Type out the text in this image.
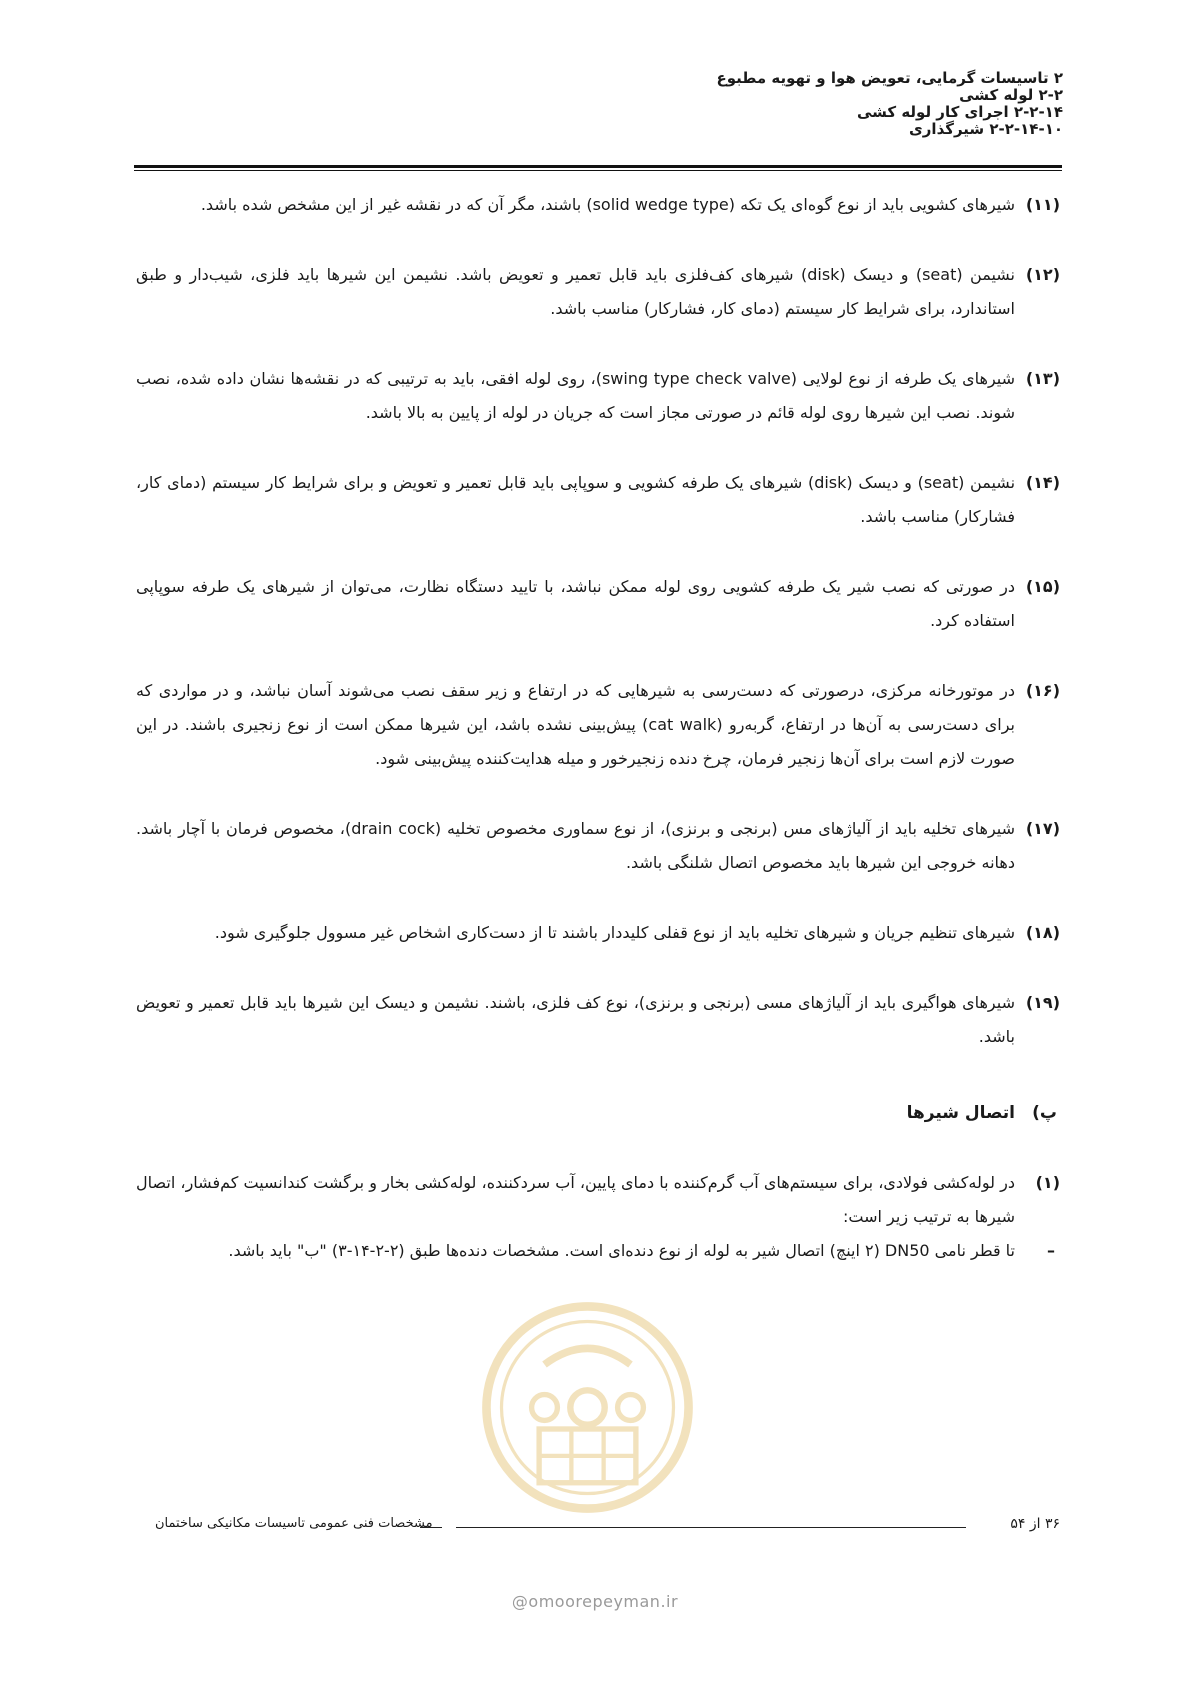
۲ تاسیسات گرمایی، تعویض هوا و تهویه مطبوع
۲-۲ لوله کشی
۲-۲-۱۴ اجرای کار لوله کشی
۲-۲-۱۴-۱۰ شیرگذاری
(۱۱)
شیرهای کشویی باید از نوع گوه‌ای یک تکه (solid wedge type) باشند، مگر آن که در نقشه غیر از این مشخص شده باشد.
(۱۲)
نشیمن (seat) و دیسک (disk) شیرهای کف‌فلزی باید قابل تعمیر و تعویض باشد. نشیمن این شیرها باید فلزی، شیب‌دار و طبق استاندارد، برای شرایط کار سیستم (دمای کار، فشارکار) مناسب باشد.
(۱۳)
شیرهای یک طرفه از نوع لولایی (swing type check valve)، روی لوله افقی، باید به ترتیبی که در نقشه‌ها نشان داده شده، نصب شوند. نصب این شیرها روی لوله قائم در صورتی مجاز است که جریان در لوله از پایین به بالا باشد.
(۱۴)
نشیمن (seat) و دیسک (disk) شیرهای یک طرفه کشویی و سوپاپی باید قابل تعمیر و تعویض و برای شرایط کار سیستم (دمای کار، فشارکار) مناسب باشد.
(۱۵)
در صورتی که نصب شیر یک طرفه کشویی روی لوله ممکن نباشد، با تایید دستگاه نظارت، می‌توان از شیرهای یک طرفه سوپاپی استفاده کرد.
(۱۶)
در موتورخانه مرکزی، درصورتی که دست‌رسی به شیرهایی که در ارتفاع و زیر سقف نصب می‌شوند آسان نباشد، و در مواردی که برای دست‌رسی به آن‌ها در ارتفاع، گربه‌رو (cat walk) پیش‌بینی نشده باشد، این شیرها ممکن است از نوع زنجیری باشند. در این صورت لازم است برای آن‌ها زنجیر فرمان، چرخ دنده زنجیرخور و میله هدایت‌کننده پیش‌بینی شود.
(۱۷)
شیرهای تخلیه باید از آلیاژهای مس (برنجی و برنزی)، از نوع سماوری مخصوص تخلیه (drain cock)، مخصوص فرمان با آچار باشد. دهانه خروجی این شیرها باید مخصوص اتصال شلنگی باشد.
(۱۸)
شیرهای تنظیم جریان و شیرهای تخلیه باید از نوع قفلی کلیددار باشند تا از دست‌کاری اشخاص غیر مسوول جلوگیری شود.
(۱۹)
شیرهای هواگیری باید از آلیاژهای مسی (برنجی و برنزی)، نوع کف فلزی، باشند. نشیمن و دیسک این شیرها باید قابل تعمیر و تعویض باشد.
پ)
اتصال شیرها
(۱)
در لوله‌کشی فولادی، برای سیستم‌های آب گرم‌کننده با دمای پایین، آب سردکننده، لوله‌کشی بخار و برگشت کندانسیت کم‌فشار، اتصال شیرها به ترتیب زیر است:
–
تا قطر نامی DN50 (۲ اینچ) اتصال شیر به لوله از نوع دنده‌ای است. مشخصات دنده‌ها طبق (۲-۲-۱۴-۳) "ب" باید باشد.
۳۶ از ۵۴
مشخصات فنی عمومی تاسیسات مکانیکی ساختمان
@omoorepeyman.ir
